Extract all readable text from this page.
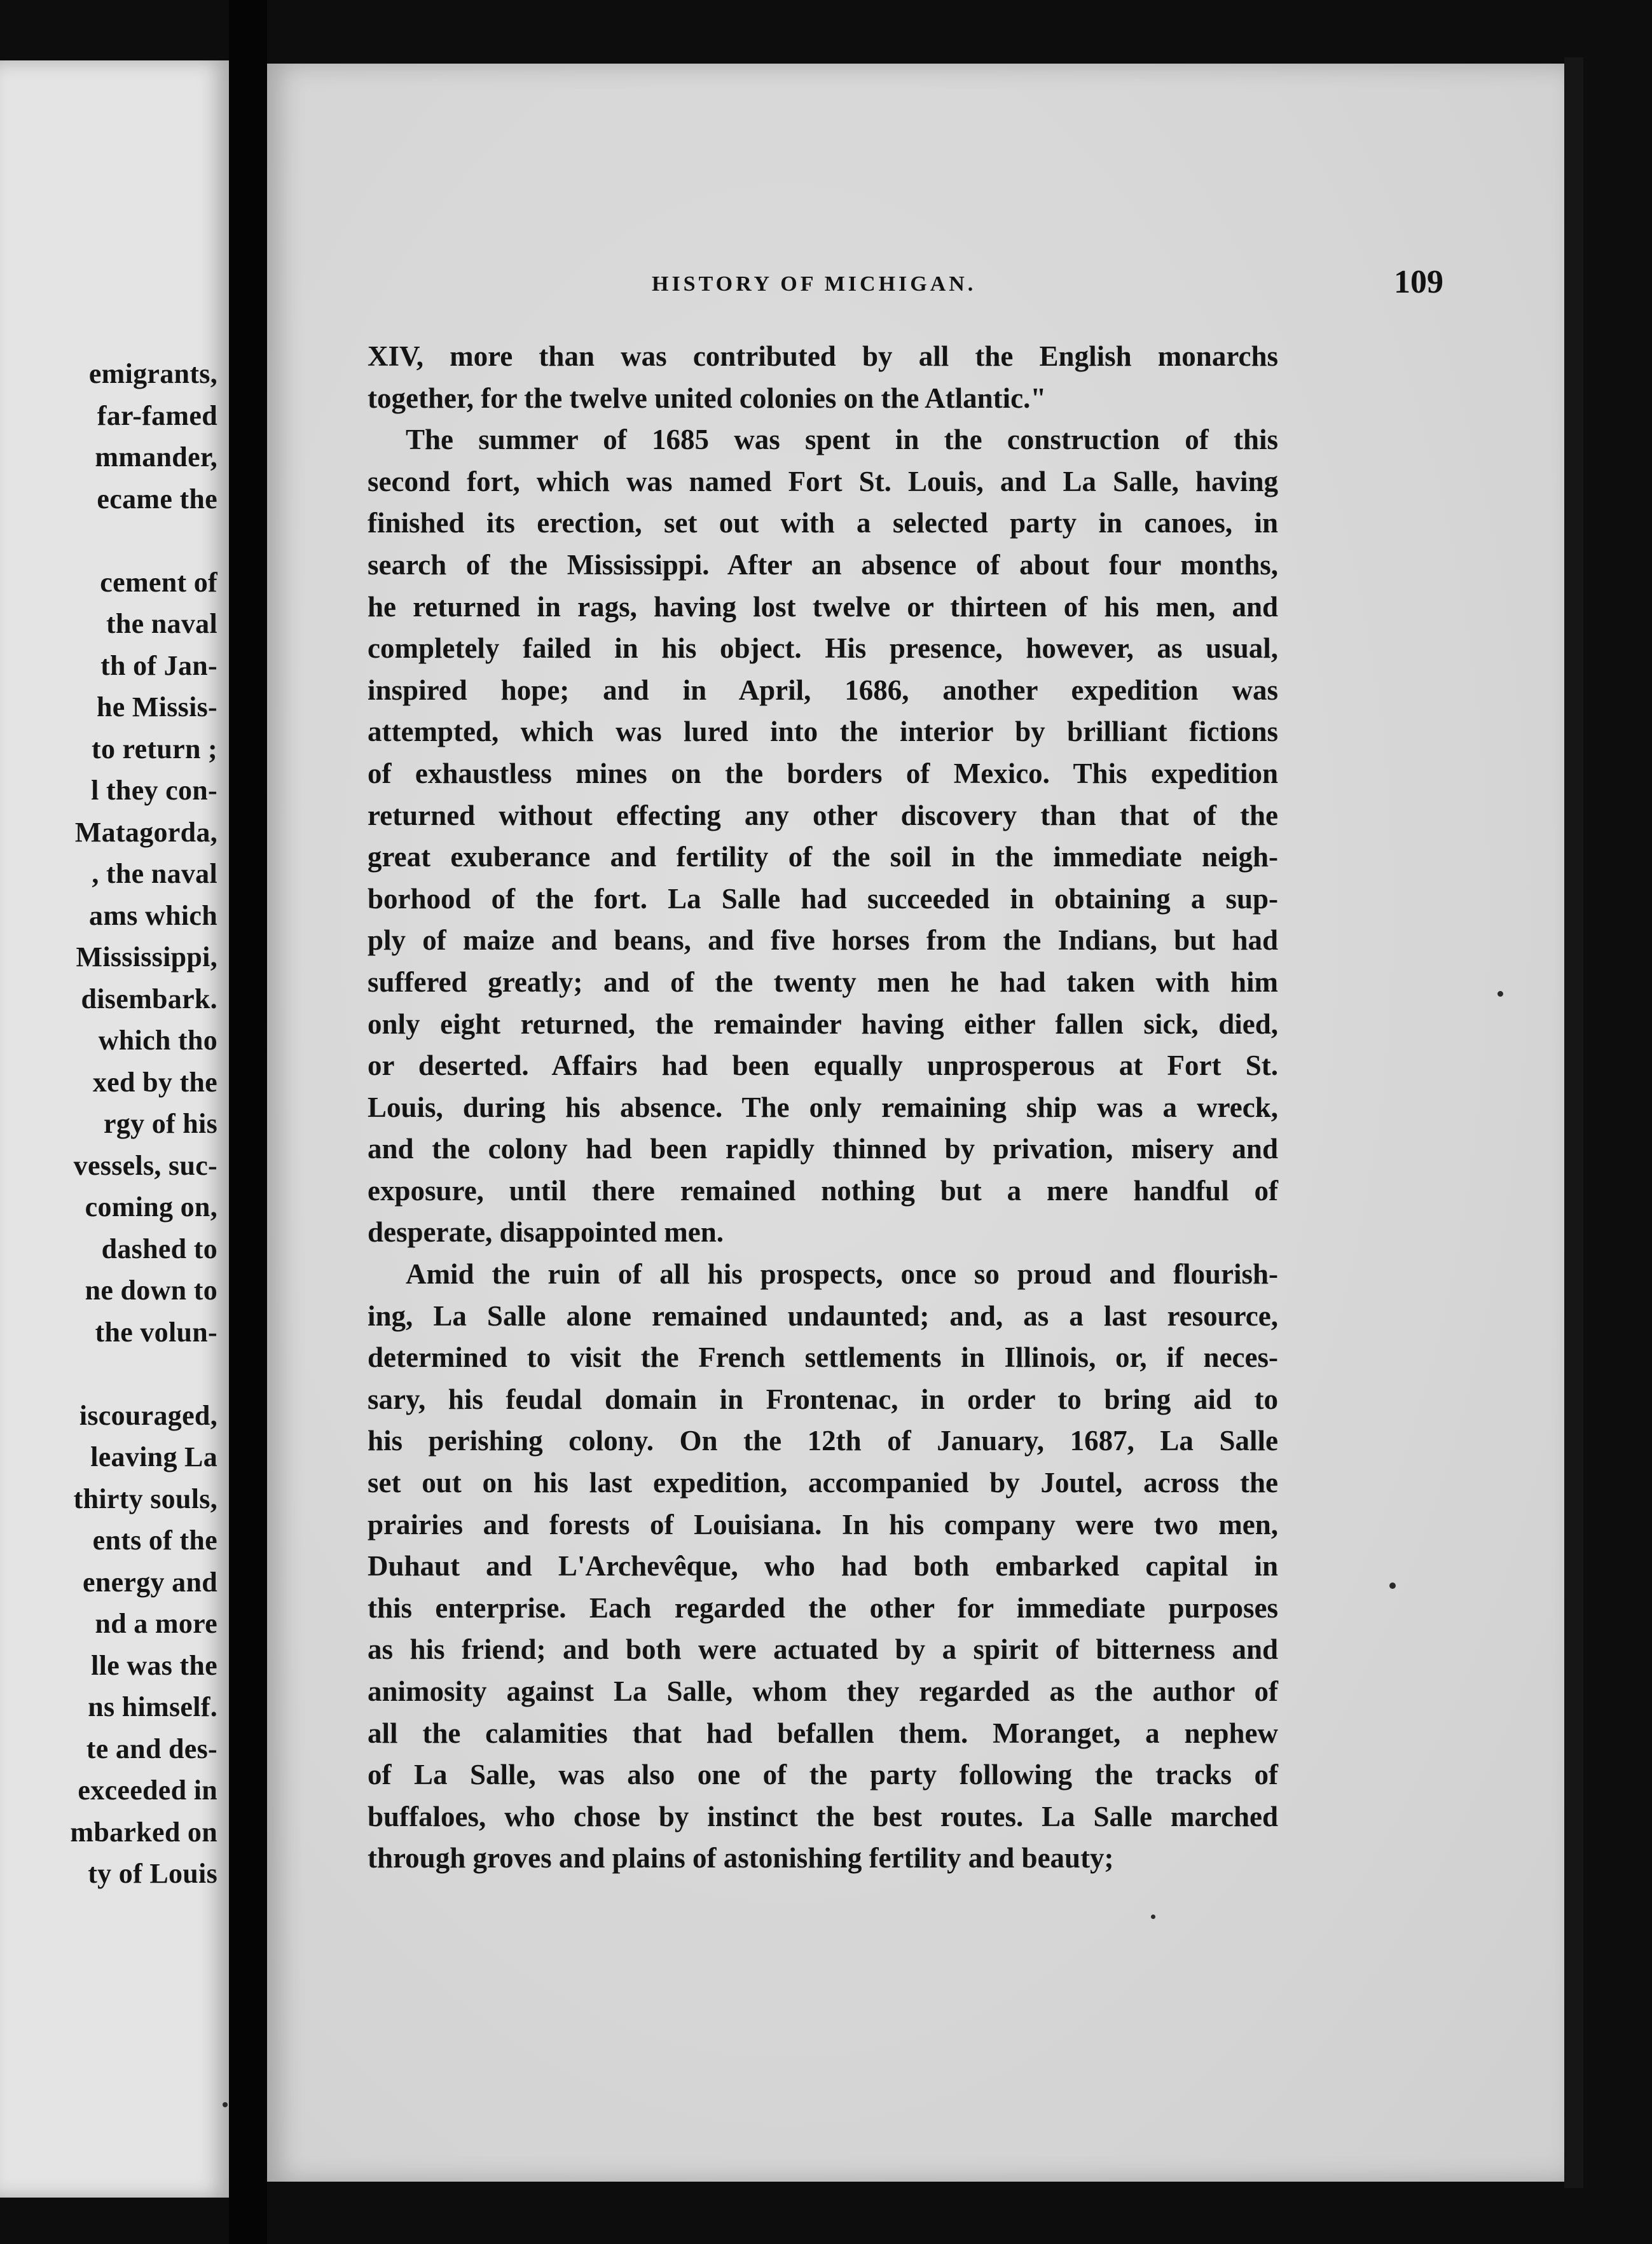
emigrants,
far-famed
mmander,
ecame the
cement of
the naval
th of Jan-
he Missis-
to return ;
l they con-
Matagorda,
, the naval
ams which
Mississippi,
disembark.
which tho
xed by the
rgy of his
vessels, suc-
coming on,
dashed to
ne down to
the volun-
iscouraged,
leaving La
thirty souls,
ents of the
energy and
nd a more
lle was the
ns himself.
te and des-
exceeded in
mbarked on
ty of Louis
HISTORY OF MICHIGAN.	109
XIV, more than was contributed by all the English monarchs
together, for the twelve united colonies on the Atlantic."
The summer of 1685 was spent in the construction of this
second fort, which was named Fort St. Louis, and La Salle, having
finished its erection, set out with a selected party in canoes, in
search of the Mississippi. After an absence of about four months,
he returned in rags, having lost twelve or thirteen of his men, and
completely failed in his object. His presence, however, as usual,
inspired hope; and in April, 1686, another expedition was
attempted, which was lured into the interior by brilliant fictions
of exhaustless mines on the borders of Mexico. This expedition
returned without effecting any other discovery than that of the
great exuberance and fertility of the soil in the immediate neigh-
borhood of the fort. La Salle had succeeded in obtaining a sup-
ply of maize and beans, and five horses from the Indians, but had
suffered greatly; and of the twenty men he had taken with him
only eight returned, the remainder having either fallen sick, died,
or deserted. Affairs had been equally unprosperous at Fort St.
Louis, during his absence. The only remaining ship was a wreck,
and the colony had been rapidly thinned by privation, misery and
exposure, until there remained nothing but a mere handful of
desperate, disappointed men.
Amid the ruin of all his prospects, once so proud and flourish-
ing, La Salle alone remained undaunted; and, as a last resource,
determined to visit the French settlements in Illinois, or, if neces-
sary, his feudal domain in Frontenac, in order to bring aid to
his perishing colony. On the 12th of January, 1687, La Salle
set out on his last expedition, accompanied by Joutel, across the
prairies and forests of Louisiana. In his company were two men,
Duhaut and L'Archevêque, who had both embarked capital in
this enterprise. Each regarded the other for immediate purposes
as his friend; and both were actuated by a spirit of bitterness and
animosity against La Salle, whom they regarded as the author of
all the calamities that had befallen them. Moranget, a nephew
of La Salle, was also one of the party following the tracks of
buffaloes, who chose by instinct the best routes. La Salle marched
through groves and plains of astonishing fertility and beauty;
